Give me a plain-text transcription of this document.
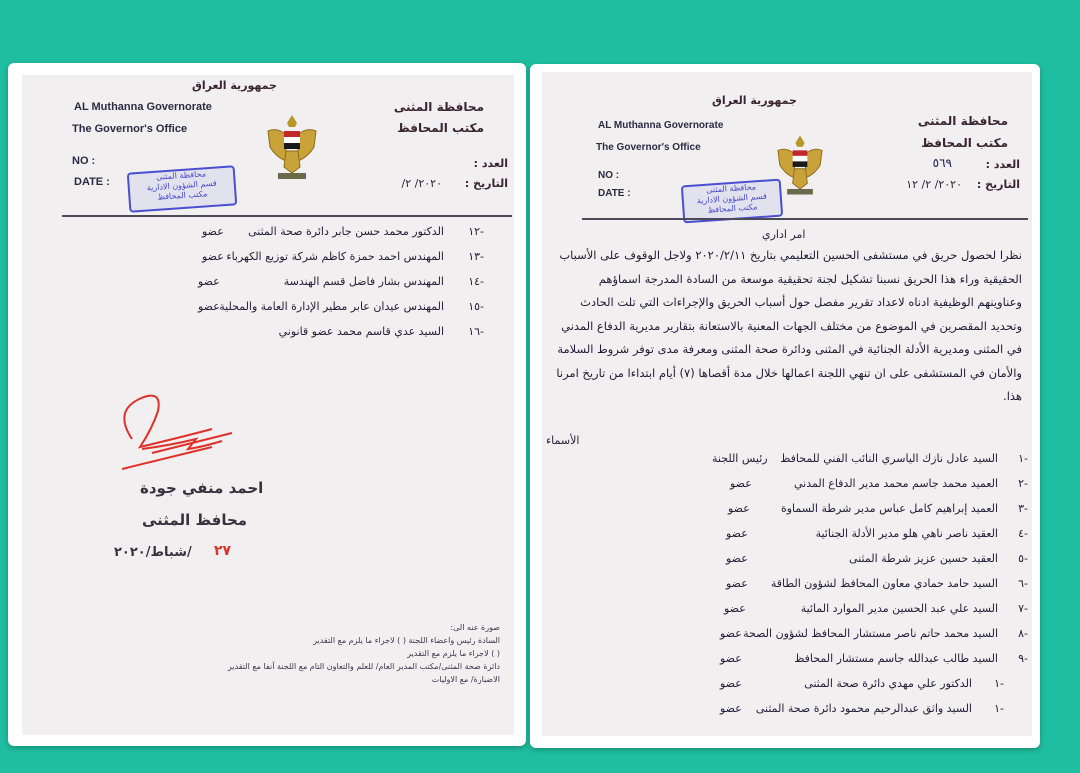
جمهورية العراق
AL Muthanna Governorate
The Governor's Office
محافظة المثنى
مكتب المحافظ
NO :
DATE :
العدد :
التاريخ :
٢٠٢٠/ ٢/
محافظة المثنى
قسم الشؤون الادارية
مكتب المحافظ
١٢-
الدكتور محمد حسن جابر دائرة صحة المثنى
عضو
١٣-
المهندس احمد حمزة كاظم شركة توزيع الكهرباء
عضو
١٤-
المهندس بشار فاضل قسم الهندسة
عضو
١٥-
المهندس عيدان عابر مطير الإدارة العامة والمحلية
عضو
١٦-
السيد عدي قاسم محمد عضو قانوني
احمد منفي جودة
محافظ المثنى
/شباط/٢٠٢٠ ٢٧
صورة عنه الى:
السادة رئيس واعضاء اللجنة ( ) لاجراء ما يلزم مع التقدير
( ) لاجراء ما يلزم مع التقدير
دائرة صحة المثنى/مكتب المدير العام/ للعلم والتعاون التام مع اللجنة آنفا مع التقدير
الاضبارة/ مع الاوليات
جمهورية العراق
AL Muthanna Governorate
The Governor's Office
محافظة المثنى
مكتب المحافظ
NO :
DATE :
العدد :
٥٦٩
التاريخ :
٢٠٢٠/ ٢/ ١٢
محافظة المثنى
قسم الشؤون الادارية
مكتب المحافظ
امر اداري
نظرا لحصول حريق في مستشفى الحسين التعليمي بتاريخ ٢٠٢٠/٢/١١ ولاجل الوقوف على الأسباب الحقيقية وراء هذا الحريق نسبنا تشكيل لجنة تحقيقية موسعة من السادة المدرجة اسماؤهم وعناوينهم الوظيفية ادناه لاعداد تقرير مفصل حول أسباب الحريق والإجراءات التي تلت الحادث وتحديد المقصرين في الموضوع من مختلف الجهات المعنية بالاستعانة بتقارير مديرية الدفاع المدني في المثنى ومديرية الأدلة الجنائية في المثنى ودائرة صحة المثنى ومعرفة مدى توفر شروط السلامة والأمان في المستشفى على ان تنهي اللجنة اعمالها خلال مدة أقصاها (٧) أيام ابتداءا من تاريخ امرنا هذا.
الأسماء
١-
السيد عادل نازك الياسري النائب الفني للمحافظ
رئيس اللجنة
٢-
العميد محمد جاسم محمد مدير الدفاع المدني
عضو
٣-
العميد إبراهيم كامل عباس مدير شرطة السماوة
عضو
٤-
العقيد ناصر ناهي هلو مدير الأدلة الجنائية
عضو
٥-
العقيد حسين عزيز شرطة المثنى
عضو
٦-
السيد حامد حمادي معاون المحافظ لشؤون الطاقة
عضو
٧-
السيد علي عبد الحسين مدير الموارد المائية
عضو
٨-
السيد محمد حاتم ناصر مستشار المحافظ لشؤون الصحة
عضو
٩-
السيد طالب عبدالله جاسم مستشار المحافظ
عضو
١-
الدكتور علي مهدي دائرة صحة المثنى
عضو
١-
السيد واثق عبدالرحيم محمود دائرة صحة المثنى
عضو
